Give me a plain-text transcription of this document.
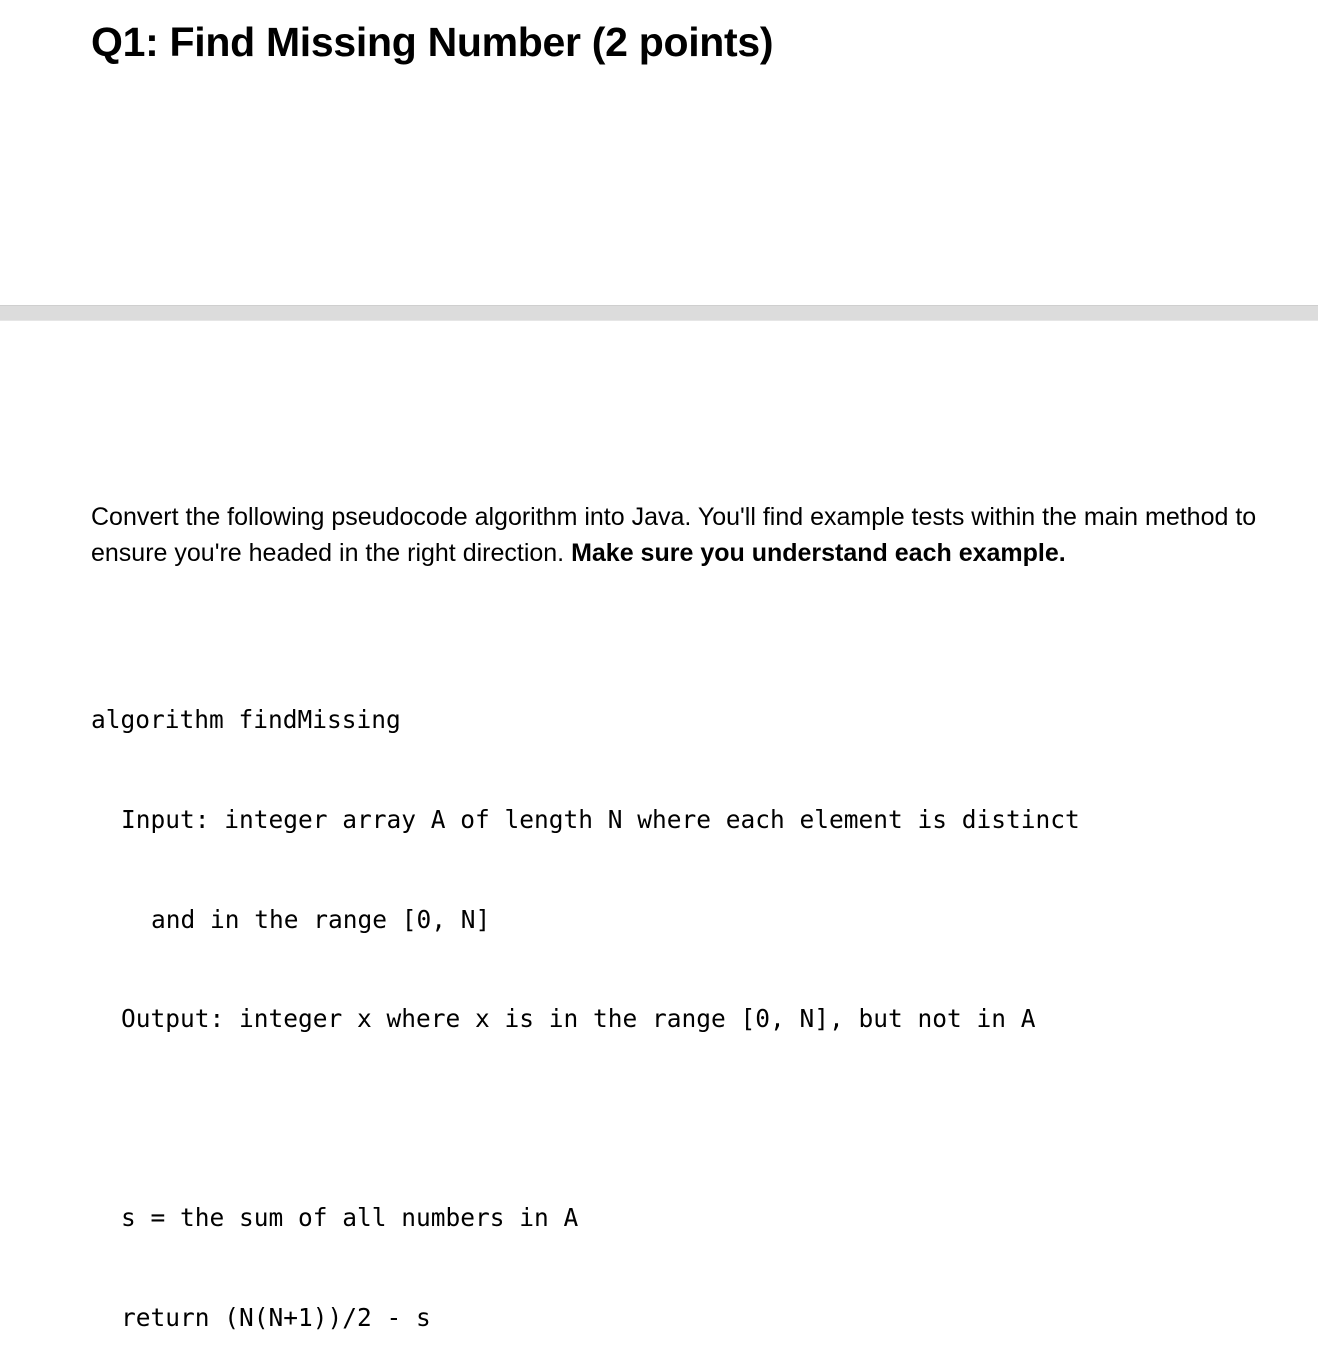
Q1: Find Missing Number (2 points)

Convert the following pseudocode algorithm into Java. You'll find example tests within the main method to ensure you're headed in the right direction. Make sure you understand each example.

algorithm findMissing

Input: integer array A of length N where each element is distinct

and in the range [0, N]

Output: integer x where x is in the range [0, N], but not in A

s = the sum of all numbers in A

return (N(N+1))/2 - s
